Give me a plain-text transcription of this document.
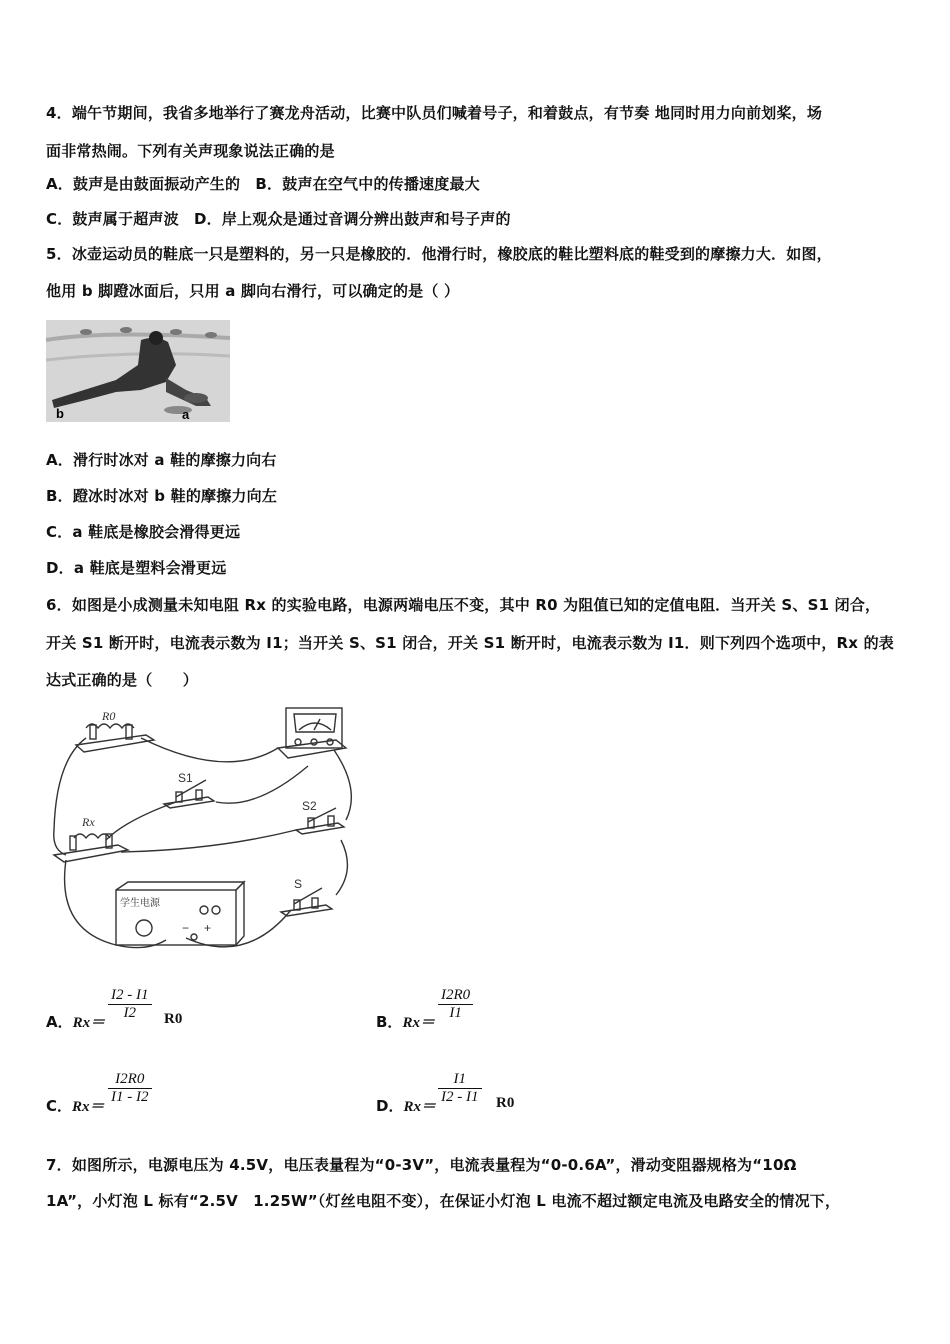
4．端午节期间，我省多地举行了赛龙舟活动，比赛中队员们喊着号子，和着鼓点，有节奏 地同时用力向前划桨，场
面非常热闹。下列有关声现象说法正确的是
A．鼓声是由鼓面振动产生的　B．鼓声在空气中的传播速度最大
C．鼓声属于超声波　D．岸上观众是通过音调分辨出鼓声和号子声的
5．冰壶运动员的鞋底一只是塑料的，另一只是橡胶的．他滑行时，橡胶底的鞋比塑料底的鞋受到的摩擦力大．如图，
他用 b 脚蹬冰面后，只用 a 脚向右滑行，可以确定的是（ ）
b	a
A．滑行时冰对 a 鞋的摩擦力向右
B．蹬冰时冰对 b 鞋的摩擦力向左
C．a 鞋底是橡胶会滑得更远
D．a 鞋底是塑料会滑更远
6．如图是小成测量未知电阻 Rx 的实验电路，电源两端电压不变，其中 R0 为阻值已知的定值电阻．当开关 S、S1 闭合，
开关 S1 断开时，电流表示数为 I1；当开关 S、S1 闭合，开关 S1 断开时，电流表示数为 I1．则下列四个选项中，Rx 的表
达式正确的是（　　）
R0
Rx
S1
S2
S
学生电源
− +
A．Rx＝
$\frac{I2 - I1}{I2} R0$	B．Rx＝
$\frac{I2R0}{I1}$
C．Rx＝
$\frac{I2R0}{I1 - I2}$	D．Rx＝
$\frac{I1}{I2 - I1} R0$
7．如图所示，电源电压为 4.5V，电压表量程为“0-3V”，电流表量程为“0-0.6A”，滑动变阻器规格为“10Ω
1A”，小灯泡 L 标有“2.5V　1.25W”（灯丝电阻不变），在保证小灯泡 L 电流不超过额定电流及电路安全的情况下，
